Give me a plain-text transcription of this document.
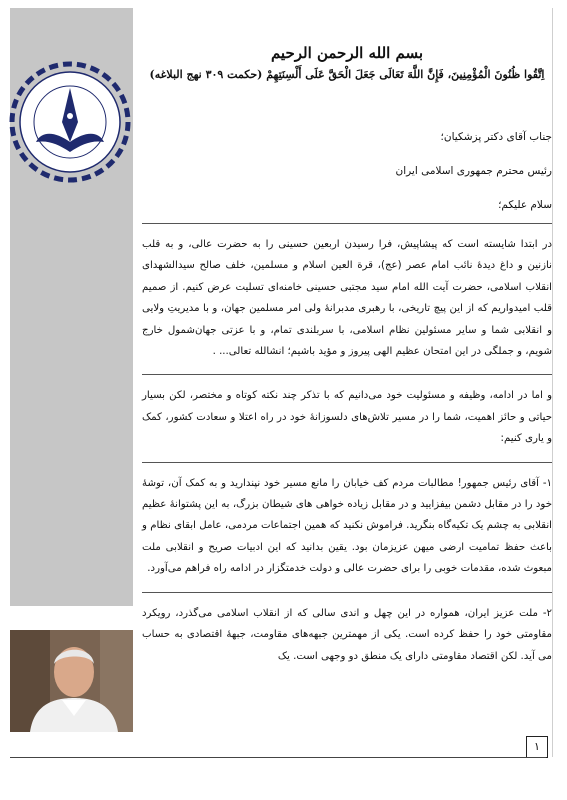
بسم الله الرحمن الرحیم
اِتَّقُوا ظُنُونَ الْمُؤْمِنِینَ، فَإِنَّ اللَّهَ تَعَالَی جَعَلَ الْحَقَّ عَلَی أَلْسِنَتِهِمْ (حکمت ۳۰۹ نهج البلاغه)
جناب آقای دکتر پزشکیان؛
رئیس محترم جمهوری اسلامی ایران
سلام علیکم؛

در ابتدا شایسته است که پیشاپیش، فرا رسیدن اربعین حسینی را به حضرت عالی، و به قلب نازنین و داغ دیدهٔ نائب امام عصر (عج)، قرة العین اسلام و مسلمین، خلف صالح سیدالشهدای انقلاب اسلامی، حضرت آیت الله امام سید مجتبی حسینی خامنه‌ای تسلیت عرض کنیم. از صمیم قلب امیدواریم که از این پیچ تاریخی، با رهبری مدبرانهٔ ولی امر مسلمین جهان، و با مدیریتِ ولایی و انقلابی شما و سایر مسئولین نظام اسلامی، با سربلندی تمام، و با عزتی جهان‌شمول خارج شویم، و جملگی در این امتحان عظیم الهی پیروز و مؤید باشیم؛ انشالله تعالی... .

و اما در ادامه، وظیفه و مسئولیت خود می‌دانیم که با تذکر چند نکته کوتاه و مختصر، لکن بسیار حیاتی و حائز اهمیت، شما را در مسیر تلاش‌های دلسوزانهٔ خود در راه اعتلا و سعادت کشور، کمک و یاری کنیم:

۱- آقای رئیس جمهور! مطالبات مردم کف خیابان را مانع مسیر خود نپندارید و به کمک آن، توشهٔ خود را در مقابل دشمن بیفزایید و در مقابل زیاده خواهی های شیطان بزرگ، به این پشتوانهٔ عظیم انقلابی به چشم یک تکیه‌گاه بنگرید. فراموش نکنید که همین اجتماعات مردمی، عامل ابقای نظام و باعث حفظ تمامیت ارضی میهن عزیزمان بود. یقین بدانید که این ادبیات صریح و انقلابی ملت مبعوث شده، مقدمات خوبی را برای حضرت عالی و دولت خدمتگزار در ادامه راه فراهم می‌آورد.

۲- ملت عزیز ایران، همواره در این چهل و اندی سالی که از انقلاب اسلامی می‌گذرد، رویکرد مقاومتی خود را حفظ کرده است. یکی از مهمترین جبهه‌های مقاومت، جبههٔ اقتصادی به حساب می آید. لکن اقتصاد مقاومتی دارای یک منطق دو وجهی است. یک

۱
